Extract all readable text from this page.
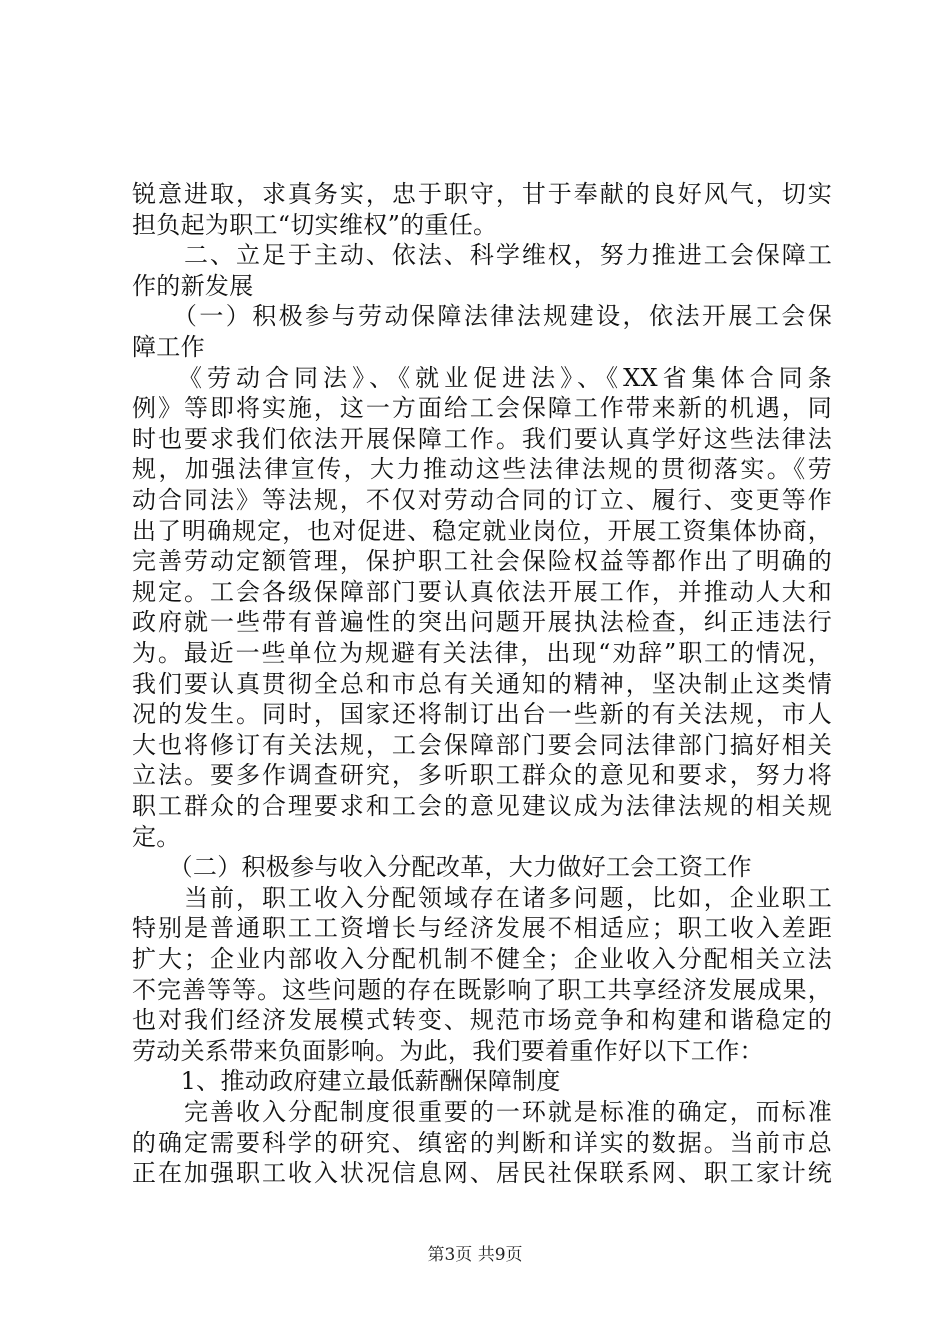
锐意进取，求真务实，忠于职守，甘于奉献的良好风气，切实
担负起为职工“切实维权”的重任。
　　二、立足于主动、依法、科学维权，努力推进工会保障工
作的新发展
　　（一）积极参与劳动保障法律法规建设，依法开展工会保
障工作
　　《劳动合同法》、《就业促进法》、《XX省集体合同条
例》等即将实施，这一方面给工会保障工作带来新的机遇，同
时也要求我们依法开展保障工作。我们要认真学好这些法律法
规，加强法律宣传，大力推动这些法律法规的贯彻落实。《劳
动合同法》等法规，不仅对劳动合同的订立、履行、变更等作
出了明确规定，也对促进、稳定就业岗位，开展工资集体协商，
完善劳动定额管理，保护职工社会保险权益等都作出了明确的
规定。工会各级保障部门要认真依法开展工作，并推动人大和
政府就一些带有普遍性的突出问题开展执法检查，纠正违法行
为。最近一些单位为规避有关法律，出现“劝辞”职工的情况，
我们要认真贯彻全总和市总有关通知的精神，坚决制止这类情
况的发生。同时，国家还将制订出台一些新的有关法规，市人
大也将修订有关法规，工会保障部门要会同法律部门搞好相关
立法。要多作调查研究，多听职工群众的意见和要求，努力将
职工群众的合理要求和工会的意见建议成为法律法规的相关规
定。
　　（二）积极参与收入分配改革，大力做好工会工资工作
　　当前，职工收入分配领域存在诸多问题，比如，企业职工
特别是普通职工工资增长与经济发展不相适应；职工收入差距
扩大；企业内部收入分配机制不健全；企业收入分配相关立法
不完善等等。这些问题的存在既影响了职工共享经济发展成果，
也对我们经济发展模式转变、规范市场竞争和构建和谐稳定的
劳动关系带来负面影响。为此，我们要着重作好以下工作：
　　1、推动政府建立最低薪酬保障制度
　　完善收入分配制度很重要的一环就是标准的确定，而标准
的确定需要科学的研究、缜密的判断和详实的数据。当前市总
正在加强职工收入状况信息网、居民社保联系网、职工家计统
第3页 共9页
